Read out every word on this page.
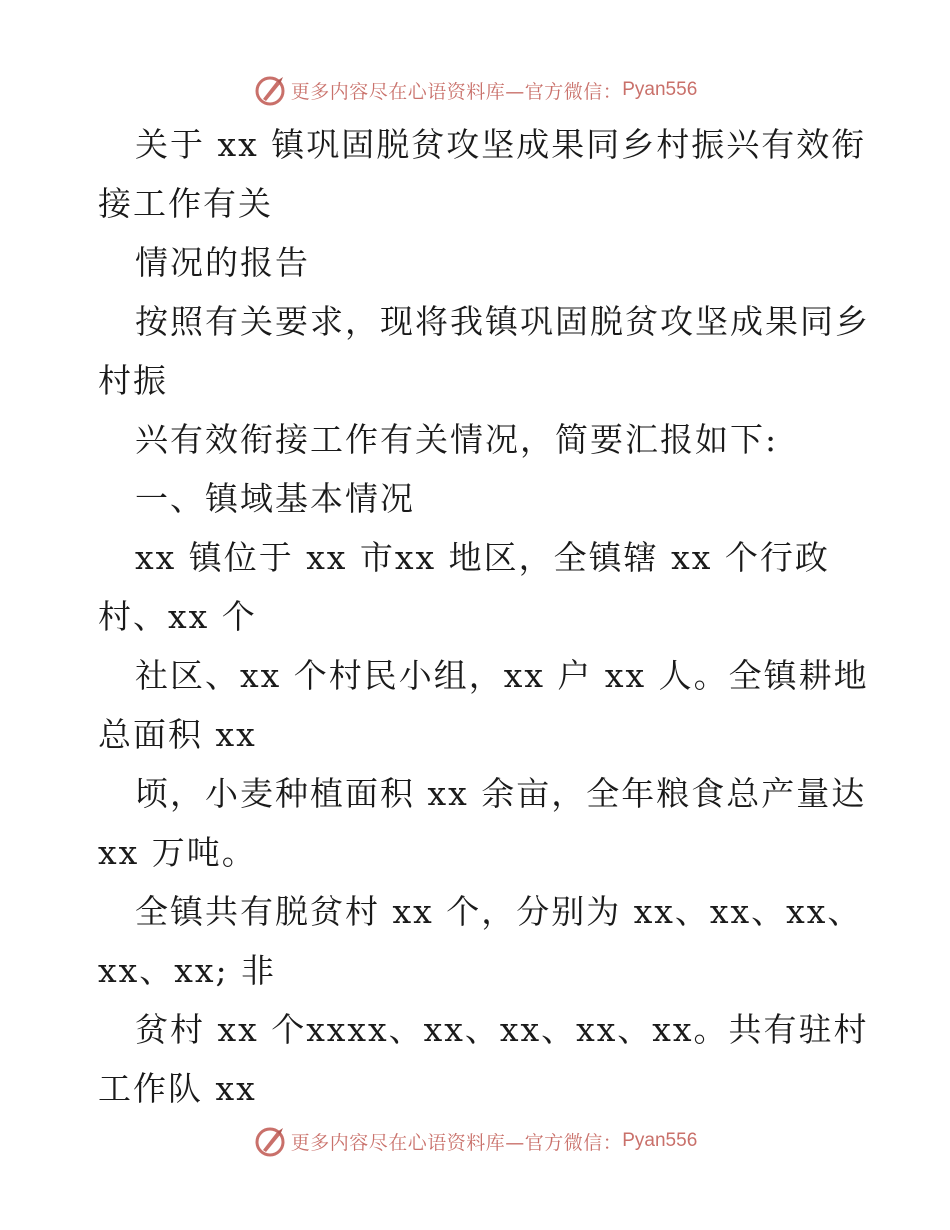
更多内容尽在心语资料库—官方微信： Pyan556
关于 xx 镇巩固脱贫攻坚成果同乡村振兴有效衔
接工作有关
情况的报告
按照有关要求，现将我镇巩固脱贫攻坚成果同乡
村振
兴有效衔接工作有关情况，简要汇报如下:
一、镇域基本情况
xx 镇位于 xx 市xx 地区，全镇辖 xx 个行政
村、xx 个
社区、xx 个村民小组，xx 户 xx 人。全镇耕地
总面积 xx
顷，小麦种植面积 xx 余亩，全年粮食总产量达
xx 万吨。
全镇共有脱贫村 xx 个，分别为 xx、xx、xx、
xx、xx; 非
贫村 xx 个xxxx、xx、xx、xx、xx。共有驻村
工作队 xx
更多内容尽在心语资料库—官方微信： Pyan556
